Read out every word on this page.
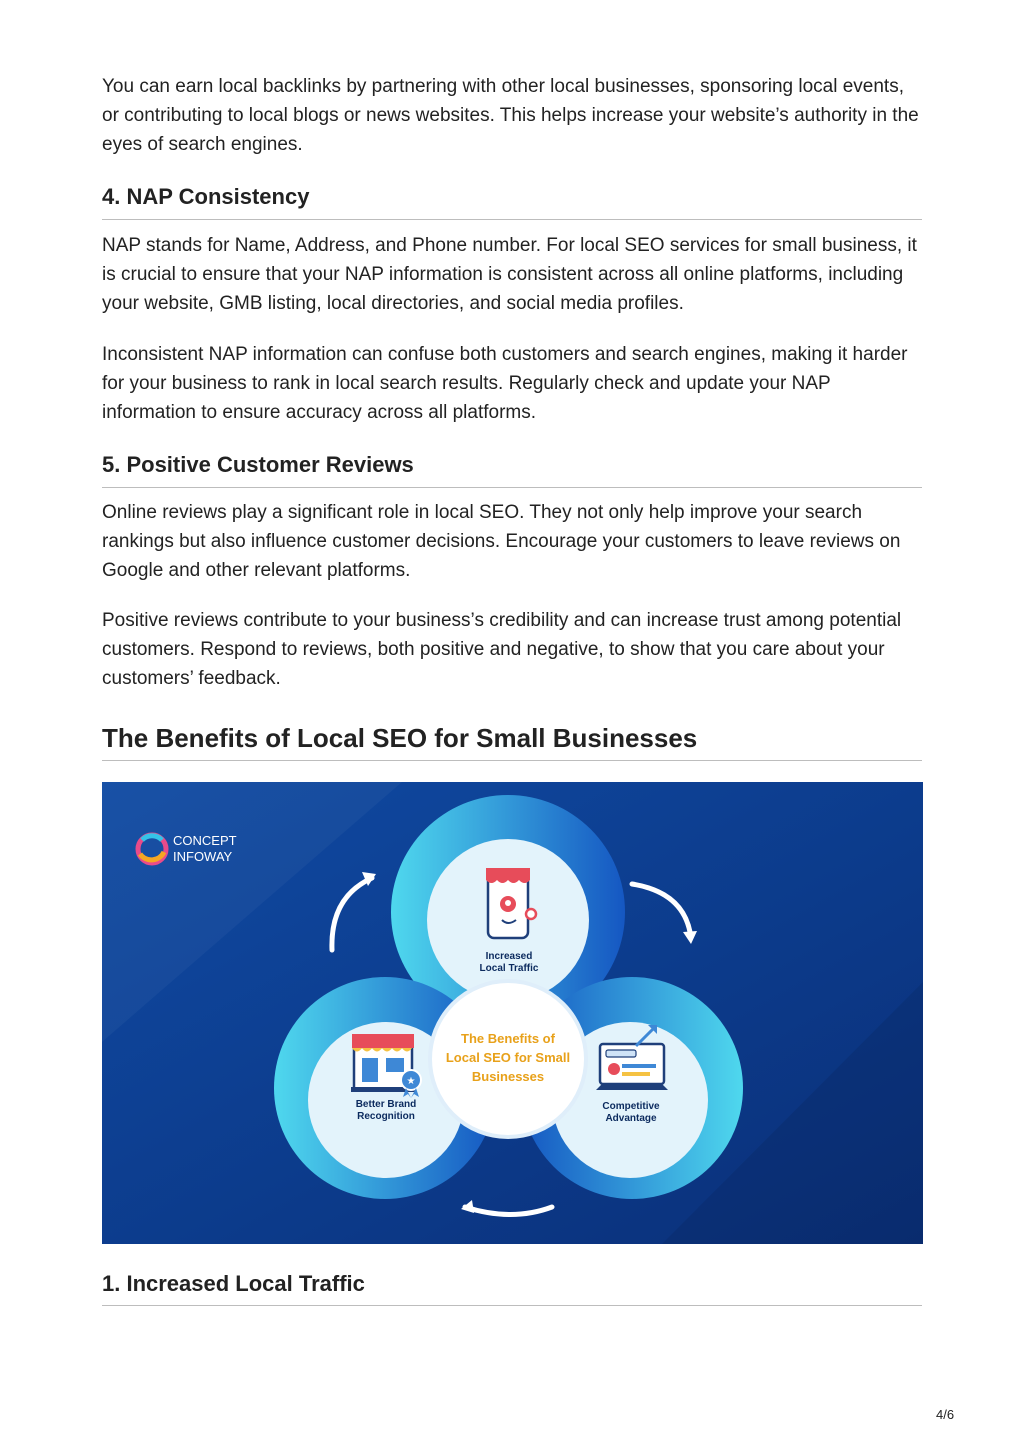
You can earn local backlinks by partnering with other local businesses, sponsoring local events, or contributing to local blogs or news websites. This helps increase your website’s authority in the eyes of search engines.

4. NAP Consistency

NAP stands for Name, Address, and Phone number. For local SEO services for small business, it is crucial to ensure that your NAP information is consistent across all online platforms, including your website, GMB listing, local directories, and social media profiles.

Inconsistent NAP information can confuse both customers and search engines, making it harder for your business to rank in local search results. Regularly check and update your NAP information to ensure accuracy across all platforms.

5. Positive Customer Reviews

Online reviews play a significant role in local SEO. They not only help improve your search rankings but also influence customer decisions. Encourage your customers to leave reviews on Google and other relevant platforms.

Positive reviews contribute to your business’s credibility and can increase trust among potential customers. Respond to reviews, both positive and negative, to show that you care about your customers’ feedback.

The Benefits of Local SEO for Small Businesses
CONCEPT
INFOWAY
The Benefits of
Local SEO for Small
Businesses
Increased
Local Traffic
★
Better Brand
Recognition
Competitive
Advantage
1. Increased Local Traffic
4/6
